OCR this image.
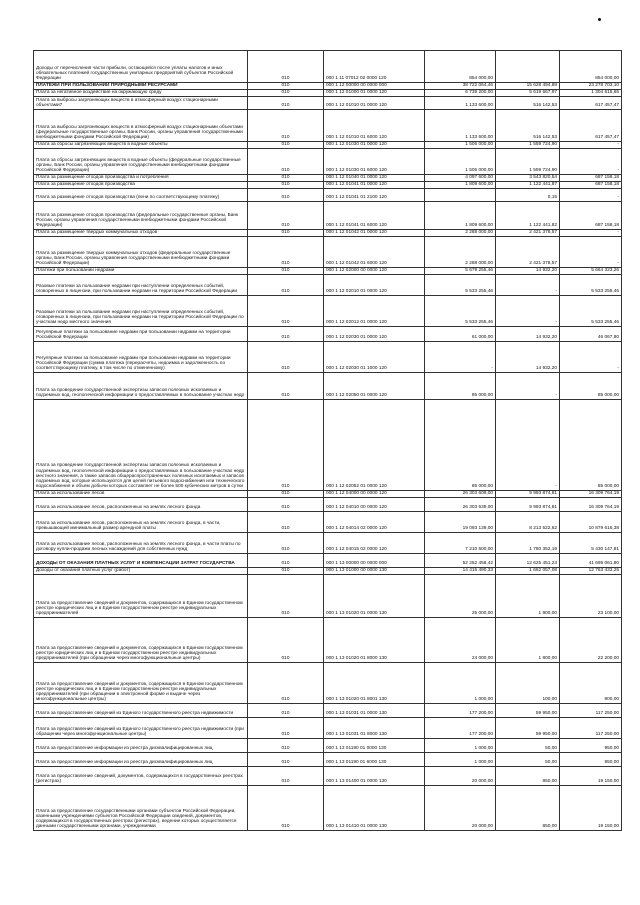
Доходы от перечисления части прибыли, остающейся после уплаты налогов и иных обязательных платежей государственных унитарных предприятий субъектов Российской Федерации	010	000 1 11 07012 02 0000 120	854 000,00		854 000,00
ПЛАТЕЖИ ПРИ ПОЛЬЗОВАНИИ ПРИРОДНЫМИ РЕСУРСАМИ	010	000 1 12 00000 00 0000 000	38 722 064,46	15 628 494,88	23 278 703,10
Плата за негативное воздействие на окружающую среду	010	000 1 12 01000 01 0000 120	6 739 200,00	5 619 667,97	1 304 615,65
Плата за выбросы загрязняющих веществ в атмосферный воздух стационарными объектами7	010	000 1 12 01010 01 0000 120	1 133 600,00	516 142,53	617 457,47
Плата за выбросы загрязняющих веществ в атмосферный воздух стационарными объектами (федеральные государственные органы, Банк России, органы управления государственными внебюджетными фондами Российской Федерации)	010	000 1 12 01010 01 6000 120	1 133 600,00	516 142,53	617 457,47
Плата за сбросы загрязняющих веществ в водные объекты	010	000 1 12 01030 01 0000 120	1 506 000,00	1 559 724,90	-
Плата за сбросы загрязняющих веществ в водные объекты (федеральные государственные органы, Банк России, органы управления государственными внебюджетными фондами Российской Федерации)	010	000 1 12 01030 01 6000 120	1 506 000,00	1 559 724,90	-
Плата за размещение отходов производства и потребления	010	000 1 12 01040 01 0000 120	4 097 600,00	3 543 820,54	687 158,18
Плата за размещение отходов производства	010	000 1 12 01041 01 0000 120	1 809 600,00	1 122 441,87	687 158,18
Плата за размещение отходов производства (пени по соответствующему платежу)	010	000 1 12 01041 01 2100 120		0,15	-
Плата за размещение отходов производства (федеральные государственные органы, Банк России, органы управления государственными внебюджетными фондами Российской Федерации)	010	000 1 12 01041 01 6000 120	1 809 600,00	1 122 441,82	687 158,18
Плата за размещение твердых коммунальных отходов	010	000 1 12 01042 01 0000 120	2 288 000,00	2 421 378,57	-
Плата за размещение твердых коммунальных отходов (федеральные государственные органы, Банк России, органы управления государственными внебюджетными фондами Российской Федерации)	010	000 1 12 01042 01 6000 120	2 288 000,00	2 421 378,57	-
Платежи при пользовании недрами	010	000 1 12 02000 00 0000 120	5 679 255,46	14 932,20	5 664 323,26
Разовые платежи за пользование недрами при наступлении определенных событий, оговоренных в лицензии, при пользовании недрами на территории Российской Федерации	010	000 1 12 02010 01 0000 120	5 533 255,46	-	5 533 255,46
Разовые платежи за пользование недрами при наступлении определенных событий, оговоренных в лицензии, при пользовании недрами на территории Российской Федерации по участкам недр местного значения	010	000 1 12 02012 01 0000 120	5 533 255,46	-	5 533 255,46
Регулярные платежи за пользование недрами при пользовании недрами на территории Российской Федерации	010	000 1 12 02030 01 0000 120	61 000,00	14 932,20	46 067,80
Регулярные платежи за пользование недрами при пользовании недрами на территории Российской Федерации (сумма платежа (перерасчеты, недоимка и задолженность по соответствующему платежу, в том числе по отмененному)	010	000 1 12 02030 01 1000 120	-	14 932,20	-
Плата за проведение государственной экспертизы запасов полезных ископаемых и подземных вод, геологической информации о предоставляемых в пользование участках недр	010	000 1 12 02050 01 0000 120	85 000,00	-	85 000,00
Плата за проведение государственной экспертизы запасов полезных ископаемых и подземных вод, геологической информации о предоставляемых в пользование участках недр местного значения, а также запасов общераспространенных полезных ископаемых и запасов подземных вод, которые используются для целей питьевого водоснабжения или технического водоснабжения и объем добычи которых составляет не более 500 кубических метров в сутки	010	000 1 12 02052 01 0000 120	85 000,00	-	85 000,00
Плата за использование лесов	010	000 1 12 04000 00 0000 120	26 303 609,00	9 993 874,81	16 309 764,19
Плата за использование лесов, расположенных на землях лесного фонда	010	000 1 12 04010 00 0000 120	26 303 639,00	9 993 874,81	16 309 764,19
Плата за использование лесов, расположенных на землях лесного фонда, в части, превышающей минимальный размер арендной платы	010	000 1 12 04014 02 0000 120	19 093 139,00	8 213 522,62	10 879 616,38
Плата за использование лесов, расположенных на землях лесного фонда, в части платы по договору купли-продажи лесных насаждений для собственных нужд	010	000 1 12 04015 02 0000 120	7 210 500,00	1 780 352,19	5 430 147,81
ДОХОДЫ ОТ ОКАЗАНИЯ ПЛАТНЫХ УСЛУГ И КОМПЕНСАЦИИ ЗАТРАТ ГОСУДАРСТВА	010	000 1 13 00000 00 0000 000	52 252 458,42	12 625 451,23	41 695 061,80
Доходы от оказания платных услуг (работ)	010	000 1 13 01000 00 0000 130	14 415 490,33	1 662 057,08	12 763 433,25
Плата за предоставление сведений и документов, содержащихся в Едином государственном реестре юридических лиц и в Едином государственном реестре индивидуальных предпринимателей	010	000 1 13 01020 01 0000 130	25 000,00	1 900,00	23 100,00
Плата за предоставление сведений и документов, содержащихся в Едином государственном реестре юридических лиц и в Едином государственном реестре индивидуальных предпринимателей (при обращении через многофункциональные центры)	010	000 1 13 01020 01 8000 130	24 000,00	1 800,00	22 200,00
Плата за предоставление сведений и документов, содержащихся в Едином государственном реестре юридических лиц и в Едином государственном реестре индивидуальных предпринимателей (при обращении в электронной форме и выдаче через многофункциональные центры)	010	000 1 13 01020 01 8001 130	1 000,00	100,00	900,00
Плата за предоставление сведений из Единого государственного реестра недвижимости	010	000 1 13 01031 01 0000 130	177 200,00	59 950,00	117 250,00
Плата за предоставление сведений из Единого государственного реестра недвижимости (при обращении через многофункциональные центры)	010	000 1 13 01031 01 8000 130	177 200,00	59 950,00	117 250,00
Плата за предоставление информации из реестра дисквалифицированных лиц	010	000 1 13 01190 01 0000 130	1 000,00	50,00	950,00
Плата за предоставление информации из реестра дисквалифицированных лиц	010	000 1 13 01190 01 6000 130	1 000,00	50,00	950,00
Плата за предоставление сведений, документов, содержащихся в государственных реестрах (регистрах)	010	000 1 13 01400 01 0000 130	20 000,00	850,00	19 150,00
Плата за предоставление государственными органами субъектов Российской Федерации, казенными учреждениями субъектов Российской Федерации сведений, документов, содержащихся в государственных реестрах (регистрах), ведение которых осуществляется данными государственными органами, учреждениями	010	000 1 13 01410 01 0000 130	20 000,00	850,00	19 150,00
